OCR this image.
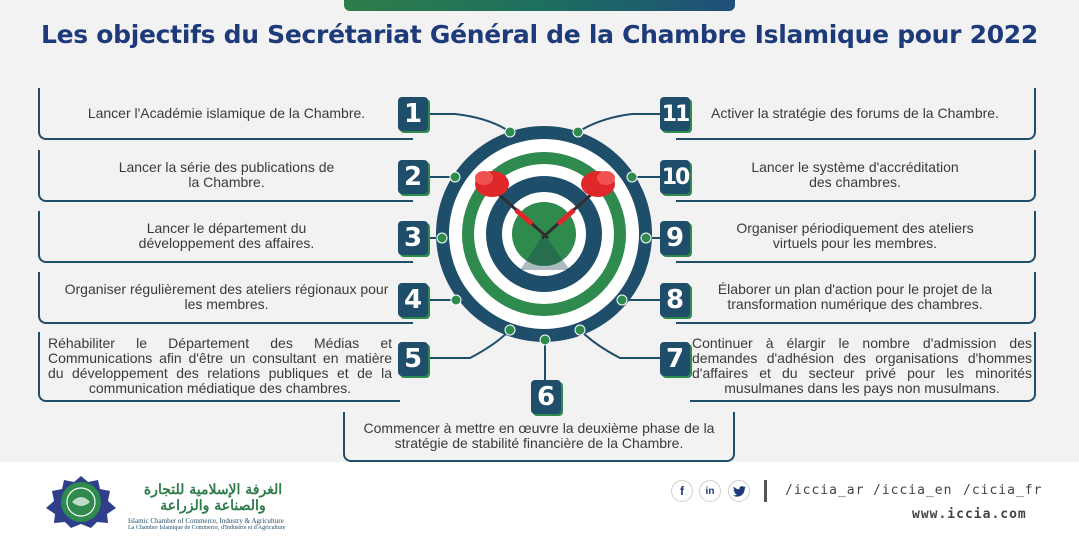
Les objectifs du Secrétariat Général de la Chambre Islamique pour 2022
Lancer l'Académie islamique de la Chambre. 1
Lancer la série des publications de la Chambre.	2
Lancer le département du développement des affaires.	3
Organiser régulièrement des ateliers régionaux pour les membres.	4
Réhabiliter le Département des Médias et Communications afin d'être un consultant en matière du développement des relations publiques et de la communication médiatique des chambres.
5
6
Commencer à mettre en œuvre la deuxième phase de la stratégie de stabilité financière de la Chambre.
11 Activer la stratégie des forums de la Chambre.
10	Lancer le système d'accréditation des chambres.
9	Organiser périodiquement des ateliers virtuels pour les membres.
8	Élaborer un plan d'action pour le projet de la transformation numérique des chambres.
7
Continuer à élargir le nombre d'admission des demandes d'adhésion des organisations d'hommes d'affaires et du secteur privé pour les minorités musulmanes dans les pays non musulmans.
الغرفة الإسلامية للتجارة والصناعة والزراعة
Islamic Chamber of Commerce, Industry & Agriculture
La Chambre Islamique de Commerce, d'Industrie et d'Agriculture
f	in	/iccia_ar /iccia_en /cicia_fr
www.iccia.com
